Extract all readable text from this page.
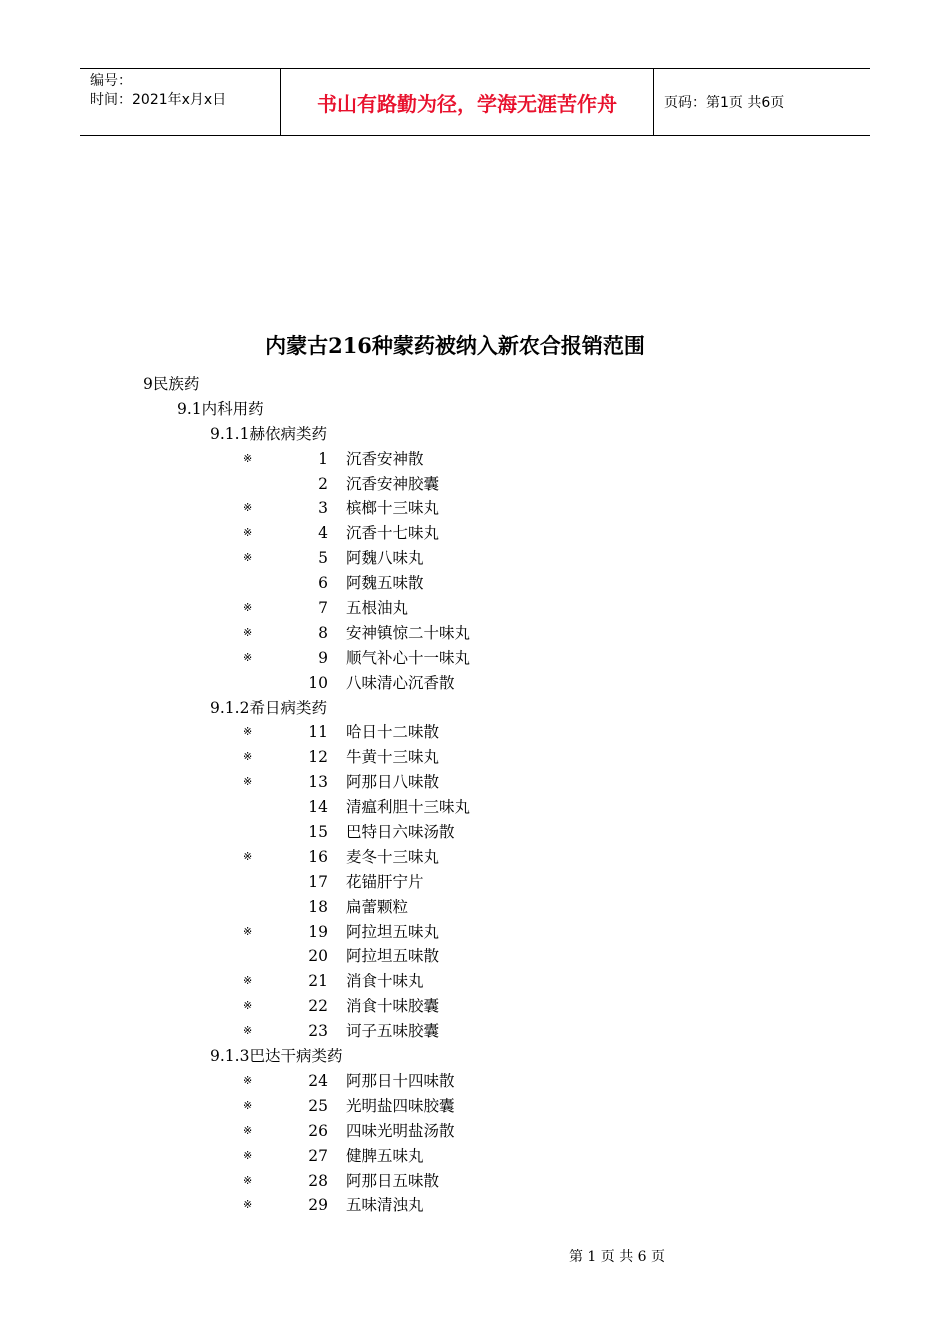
编号：
时间：2021年x月x日	书山有路勤为径，学海无涯苦作舟	页码：第1页 共6页
内蒙古216种蒙药被纳入新农合报销范围
9民族药
9.1内科用药
9.1.1赫依病类药
※	1 沉香安神散
2 沉香安神胶囊
※	3 槟榔十三味丸
※	4 沉香十七味丸
※	5 阿魏八味丸
6 阿魏五味散
※	7 五根油丸
※	8 安神镇惊二十味丸
※	9 顺气补心十一味丸
10 八味清心沉香散
9.1.2希日病类药
※	11 哈日十二味散
※	12 牛黄十三味丸
※	13 阿那日八味散
14 清瘟利胆十三味丸
15 巴特日六味汤散
※	16 麦冬十三味丸
17 花锚肝宁片
18 扁蕾颗粒
※	19 阿拉坦五味丸
20 阿拉坦五味散
※	21 消食十味丸
※	22 消食十味胶囊
※	23 诃子五味胶囊
9.1.3巴达干病类药
※	24 阿那日十四味散
※	25 光明盐四味胶囊
※	26 四味光明盐汤散
※	27 健脾五味丸
※	28 阿那日五味散
※	29 五味清浊丸
第 1 页 共 6 页
